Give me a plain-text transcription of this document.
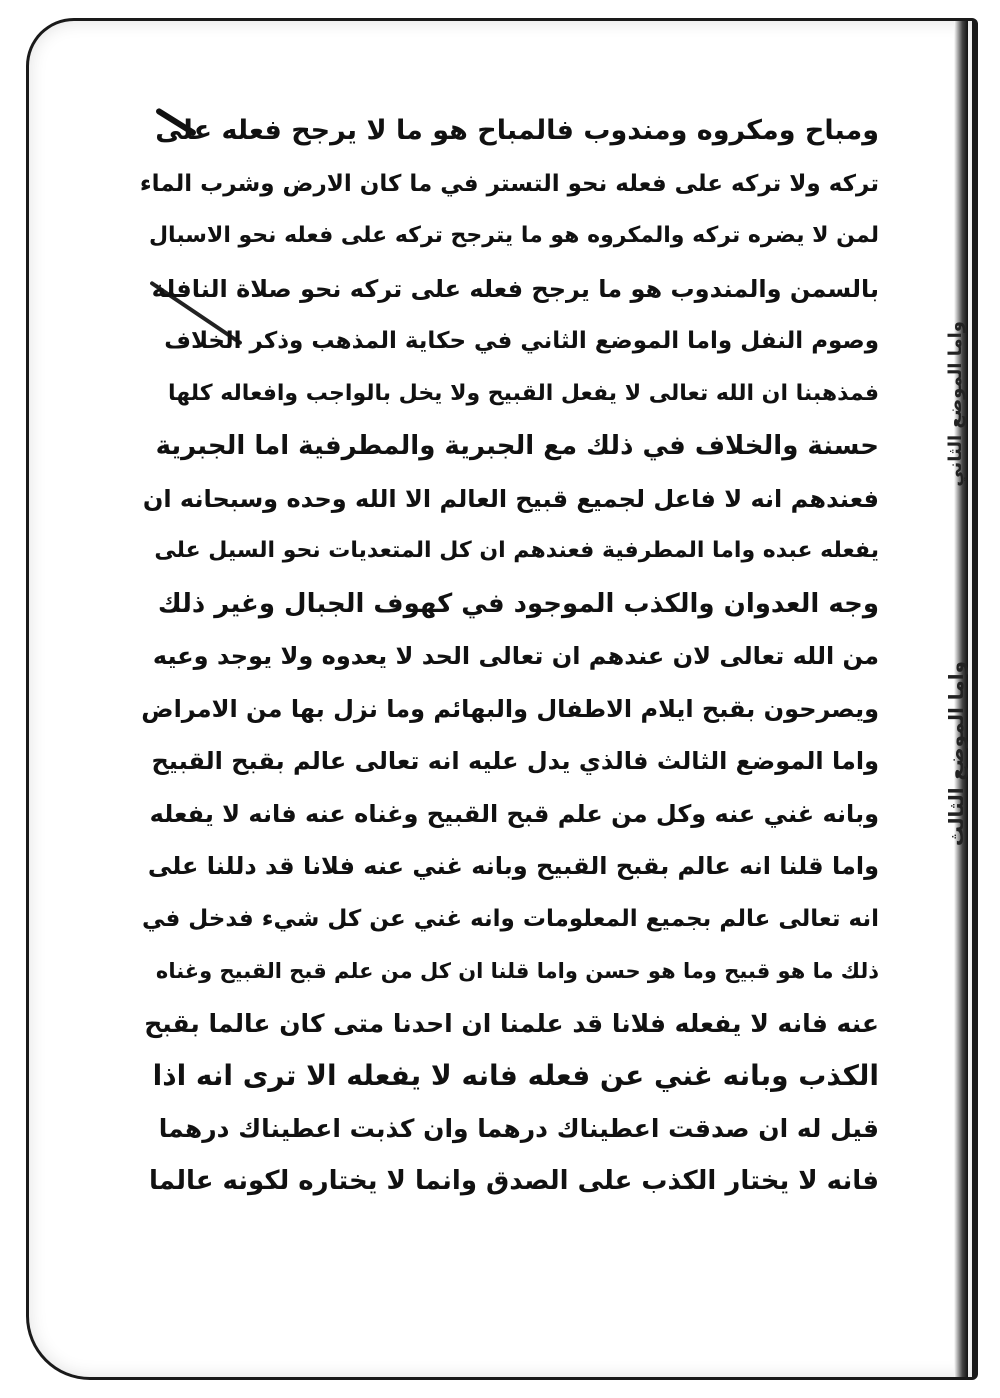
ومباح ومكروه ومندوب فالمباح هو ما لا يرجح فعله على
تركه ولا تركه على فعله نحو التستر في ما كان الارض وشرب الماء
لمن لا يضره تركه والمكروه هو ما يترجح تركه على فعله نحو الاسبال
بالسمن والمندوب هو ما يرجح فعله على تركه نحو صلاة النافلة
وصوم النفل واما الموضع الثاني في حكاية المذهب وذكر الخلاف
فمذهبنا ان الله تعالى لا يفعل القبيح ولا يخل بالواجب وافعاله كلها
حسنة والخلاف في ذلك مع الجبرية والمطرفية اما الجبرية
فعندهم انه لا فاعل لجميع قبيح العالم الا الله وحده وسبحانه ان
يفعله عبده واما المطرفية فعندهم ان كل المتعديات نحو السيل على
وجه العدوان والكذب الموجود في كهوف الجبال وغير ذلك
من الله تعالى لان عندهم ان تعالى الحد لا يعدوه ولا يوجد وعيه
ويصرحون بقبح ايلام الاطفال والبهائم وما نزل بها من الامراض
واما الموضع الثالث فالذي يدل عليه انه تعالى عالم بقبح القبيح
وبانه غني عنه وكل من علم قبح القبيح وغناه عنه فانه لا يفعله
واما قلنا انه عالم بقبح القبيح وبانه غني عنه فلانا قد دللنا على
انه تعالى عالم بجميع المعلومات وانه غني عن كل شيء فدخل في
ذلك ما هو قبيح وما هو حسن واما قلنا ان كل من علم قبح القبيح وغناه
عنه فانه لا يفعله فلانا قد علمنا ان احدنا متى كان عالما بقبح
الكذب وبانه غني عن فعله فانه لا يفعله الا ترى انه اذا
قيل له ان صدقت اعطيناك درهما وان كذبت اعطيناك درهما
فانه لا يختار الكذب على الصدق وانما لا يختاره لكونه عالما
واما الموضع الثاني
واما الموضع الثالث
